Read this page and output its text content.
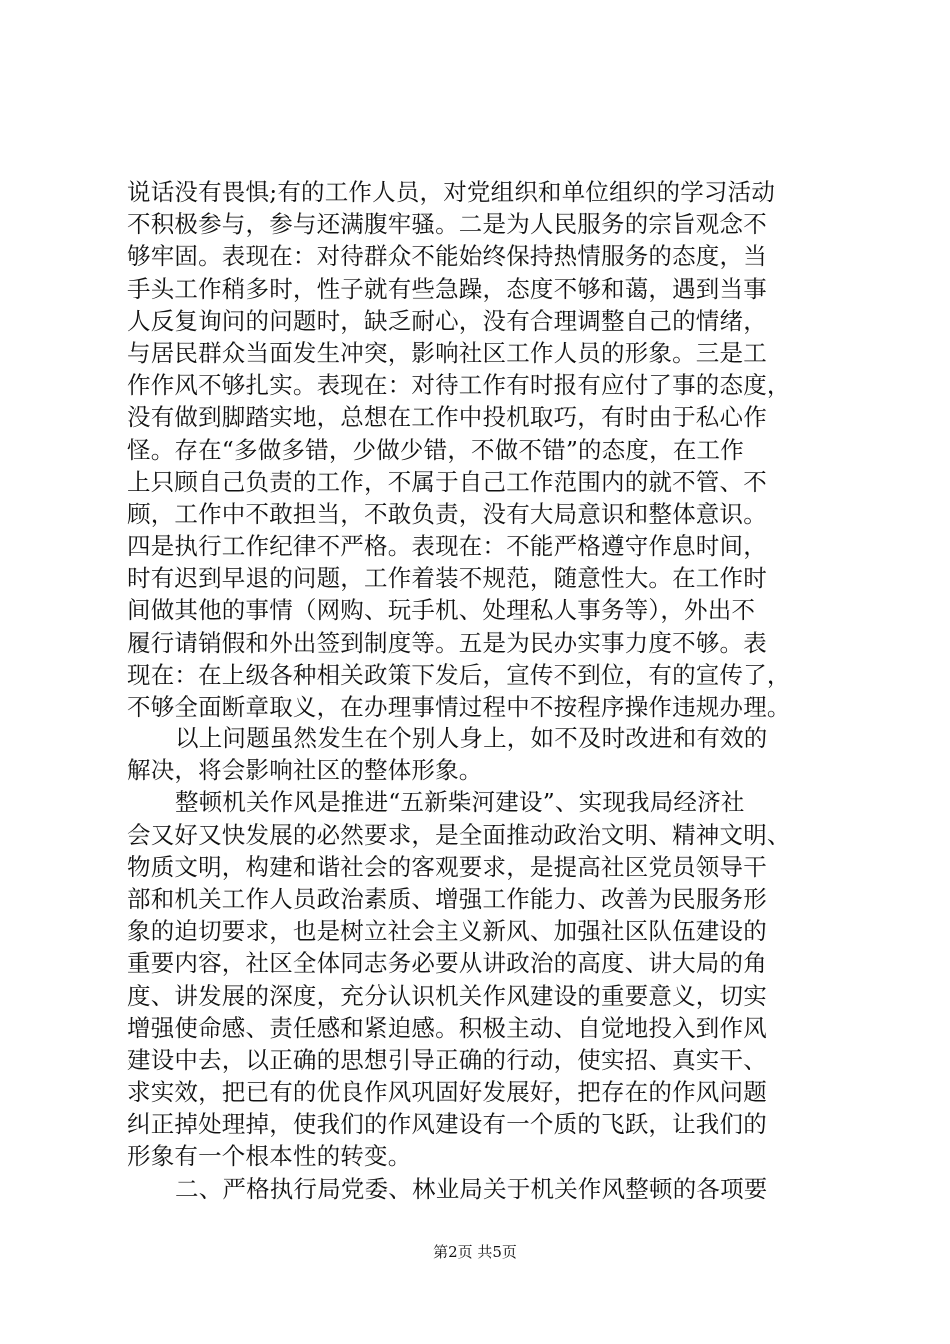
说话没有畏惧;有的工作人员，对党组织和单位组织的学习活动
不积极参与，参与还满腹牢骚。二是为人民服务的宗旨观念不
够牢固。表现在：对待群众不能始终保持热情服务的态度，当
手头工作稍多时，性子就有些急躁，态度不够和蔼，遇到当事
人反复询问的问题时，缺乏耐心，没有合理调整自己的情绪，
与居民群众当面发生冲突，影响社区工作人员的形象。三是工
作作风不够扎实。表现在：对待工作有时报有应付了事的态度，
没有做到脚踏实地，总想在工作中投机取巧，有时由于私心作
怪。存在“多做多错，少做少错，不做不错”的态度，在工作
上只顾自己负责的工作，不属于自己工作范围内的就不管、不
顾，工作中不敢担当，不敢负责，没有大局意识和整体意识。
四是执行工作纪律不严格。表现在：不能严格遵守作息时间，
时有迟到早退的问题，工作着装不规范，随意性大。在工作时
间做其他的事情（网购、玩手机、处理私人事务等），外出不
履行请销假和外出签到制度等。五是为民办实事力度不够。表
现在：在上级各种相关政策下发后，宣传不到位，有的宣传了，
不够全面断章取义，在办理事情过程中不按程序操作违规办理。
以上问题虽然发生在个别人身上，如不及时改进和有效的
解决，将会影响社区的整体形象。
整顿机关作风是推进“五新柴河建设”、实现我局经济社
会又好又快发展的必然要求，是全面推动政治文明、精神文明、
物质文明，构建和谐社会的客观要求，是提高社区党员领导干
部和机关工作人员政治素质、增强工作能力、改善为民服务形
象的迫切要求，也是树立社会主义新风、加强社区队伍建设的
重要内容，社区全体同志务必要从讲政治的高度、讲大局的角
度、讲发展的深度，充分认识机关作风建设的重要意义，切实
增强使命感、责任感和紧迫感。积极主动、自觉地投入到作风
建设中去，以正确的思想引导正确的行动，使实招、真实干、
求实效，把已有的优良作风巩固好发展好，把存在的作风问题
纠正掉处理掉，使我们的作风建设有一个质的飞跃，让我们的
形象有一个根本性的转变。
二、严格执行局党委、林业局关于机关作风整顿的各项要
第2页 共5页
